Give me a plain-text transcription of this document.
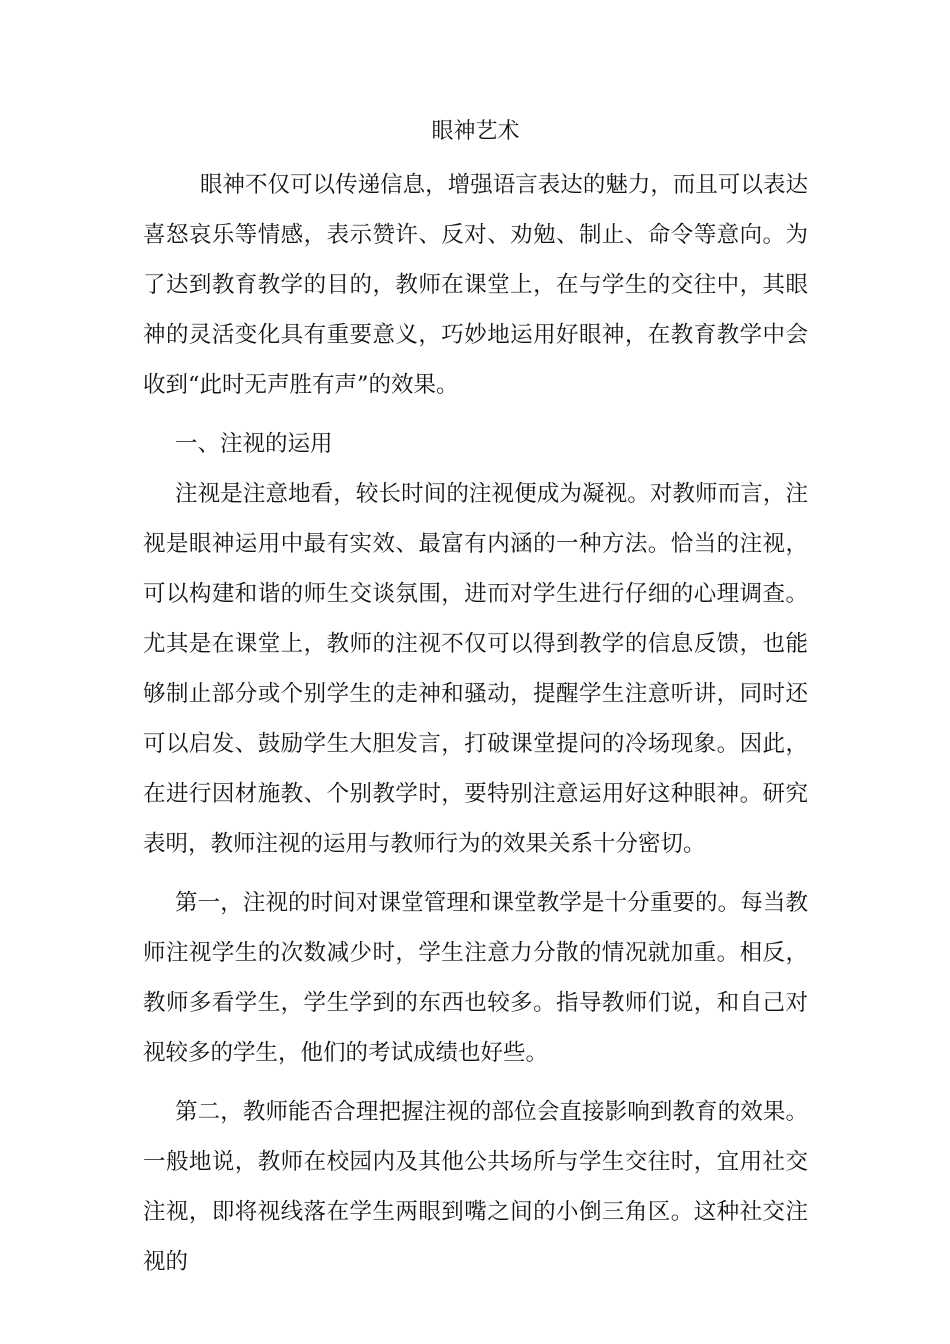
眼神艺术

眼神不仅可以传递信息，增强语言表达的魅力，而且可以表达喜怒哀乐等情感，表示赞许、反对、劝勉、制止、命令等意向。为了达到教育教学的目的，教师在课堂上，在与学生的交往中，其眼神的灵活变化具有重要意义，巧妙地运用好眼神，在教育教学中会收到“此时无声胜有声”的效果。

一、注视的运用

注视是注意地看，较长时间的注视便成为凝视。对教师而言，注视是眼神运用中最有实效、最富有内涵的一种方法。恰当的注视，可以构建和谐的师生交谈氛围，进而对学生进行仔细的心理调查。尤其是在课堂上，教师的注视不仅可以得到教学的信息反馈，也能够制止部分或个别学生的走神和骚动，提醒学生注意听讲，同时还可以启发、鼓励学生大胆发言，打破课堂提问的冷场现象。因此，在进行因材施教、个别教学时，要特别注意运用好这种眼神。研究表明，教师注视的运用与教师行为的效果关系十分密切。

第一，注视的时间对课堂管理和课堂教学是十分重要的。每当教师注视学生的次数减少时，学生注意力分散的情况就加重。相反，教师多看学生，学生学到的东西也较多。指导教师们说，和自己对视较多的学生，他们的考试成绩也好些。

第二，教师能否合理把握注视的部位会直接影响到教育的效果。一般地说，教师在校园内及其他公共场所与学生交往时，宜用社交注视，即将视线落在学生两眼到嘴之间的小倒三角区。这种社交注视的
